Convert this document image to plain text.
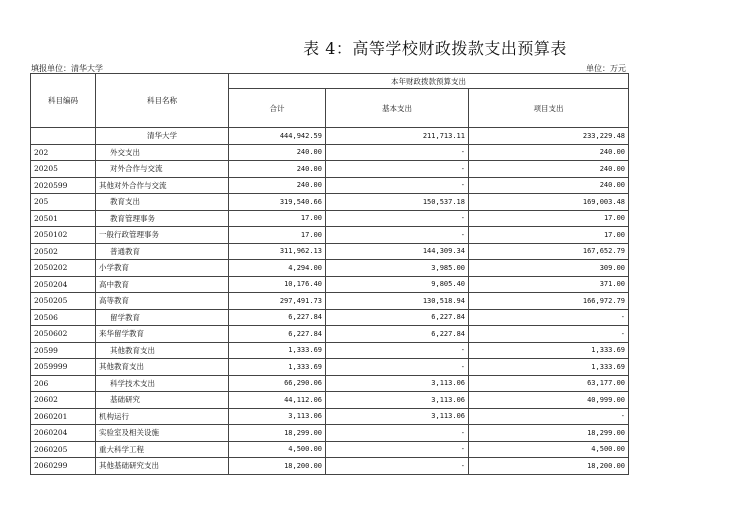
表 4：高等学校财政拨款支出预算表
填报单位：清华大学	单位：万元
科目编码	科目名称	本年财政拨款预算支出		
		合计	基本支出	项目支出
	清华大学	444,942.59	211,713.11	233,229.48
202	外交支出	240.00	-	240.00
20205	对外合作与交流	240.00	-	240.00
2020599	其他对外合作与交流	240.00	-	240.00
205	教育支出	319,540.66	150,537.18	169,003.48
20501	教育管理事务	17.00	-	17.00
2050102	一般行政管理事务	17.00	-	17.00
20502	普通教育	311,962.13	144,309.34	167,652.79
2050202	小学教育	4,294.00	3,985.00	309.00
2050204	高中教育	10,176.40	9,805.40	371.00
2050205	高等教育	297,491.73	130,518.94	166,972.79
20506	留学教育	6,227.84	6,227.84	-
2050602	来华留学教育	6,227.84	6,227.84	-
20599	其他教育支出	1,333.69	-	1,333.69
2059999	其他教育支出	1,333.69	-	1,333.69
206	科学技术支出	66,290.06	3,113.06	63,177.00
20602	基础研究	44,112.06	3,113.06	40,999.00
2060201	机构运行	3,113.06	3,113.06	-
2060204	实验室及相关设施	18,299.00	-	18,299.00
2060205	重大科学工程	4,500.00	-	4,500.00
2060299	其他基础研究支出	18,200.00	-	18,200.00
